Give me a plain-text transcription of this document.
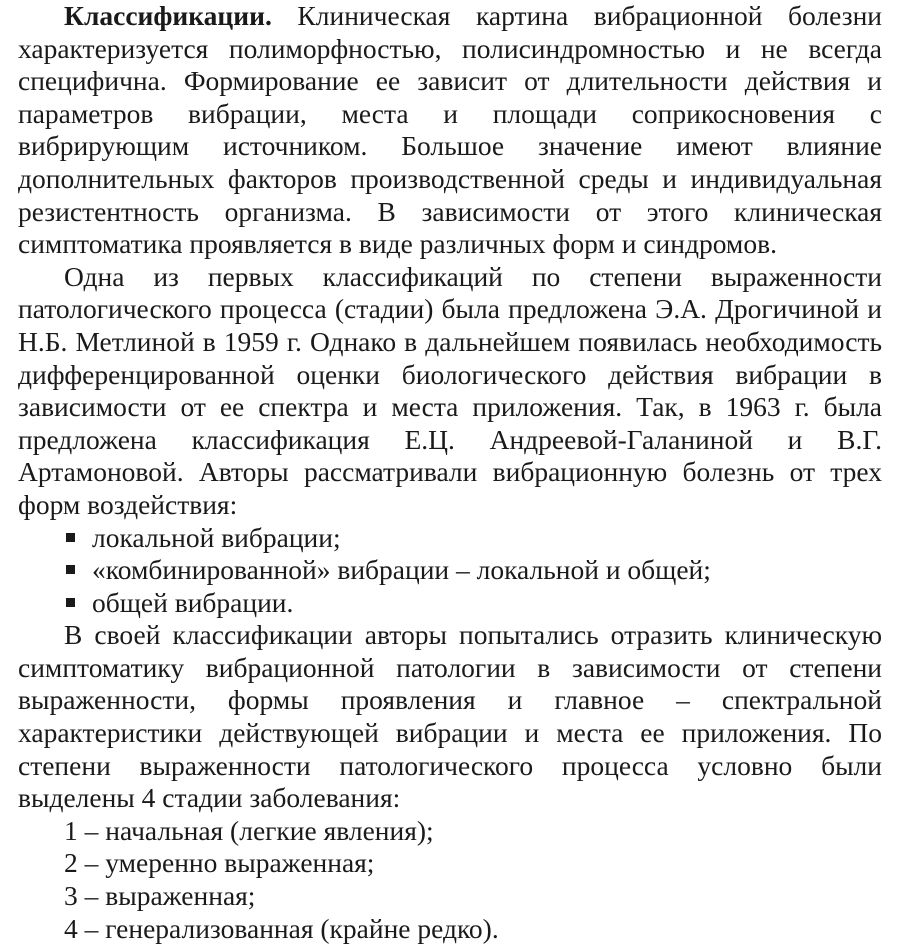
Классификации. Клиническая картина вибрационной болезни характеризуется полиморфностью, полисиндромностью и не всегда специфична. Формирование ее зависит от длительности действия и параметров вибрации, места и площади соприкосновения с вибрирующим источником. Большое значение имеют влияние дополнительных факторов производственной среды и индивидуальная резистентность организма. В зависимости от этого клиническая симптоматика проявляется в виде различных форм и синдромов.

Одна из первых классификаций по степени выраженности патологического процесса (стадии) была предложена Э.А. Дрогичиной и Н.Б. Метлиной в 1959 г. Однако в дальнейшем появилась необходимость дифференцированной оценки биологического действия вибрации в зависимости от ее спектра и места приложения. Так, в 1963 г. была предложена классификация Е.Ц. Андреевой-Галаниной и В.Г. Артамоновой. Авторы рассматривали вибрационную болезнь от трех форм воздействия:

локальной вибрации;
«комбинированной» вибрации – локальной и общей;
общей вибрации.

В своей классификации авторы попытались отразить клиническую симптоматику вибрационной патологии в зависимости от степени выраженности, формы проявления и главное – спектральной характеристики действующей вибрации и места ее приложения. По степени выраженности патологического процесса условно были выделены 4 стадии заболевания:

1 – начальная (легкие явления);
2 – умеренно выраженная;
3 – выраженная;
4 – генерализованная (крайне редко).
